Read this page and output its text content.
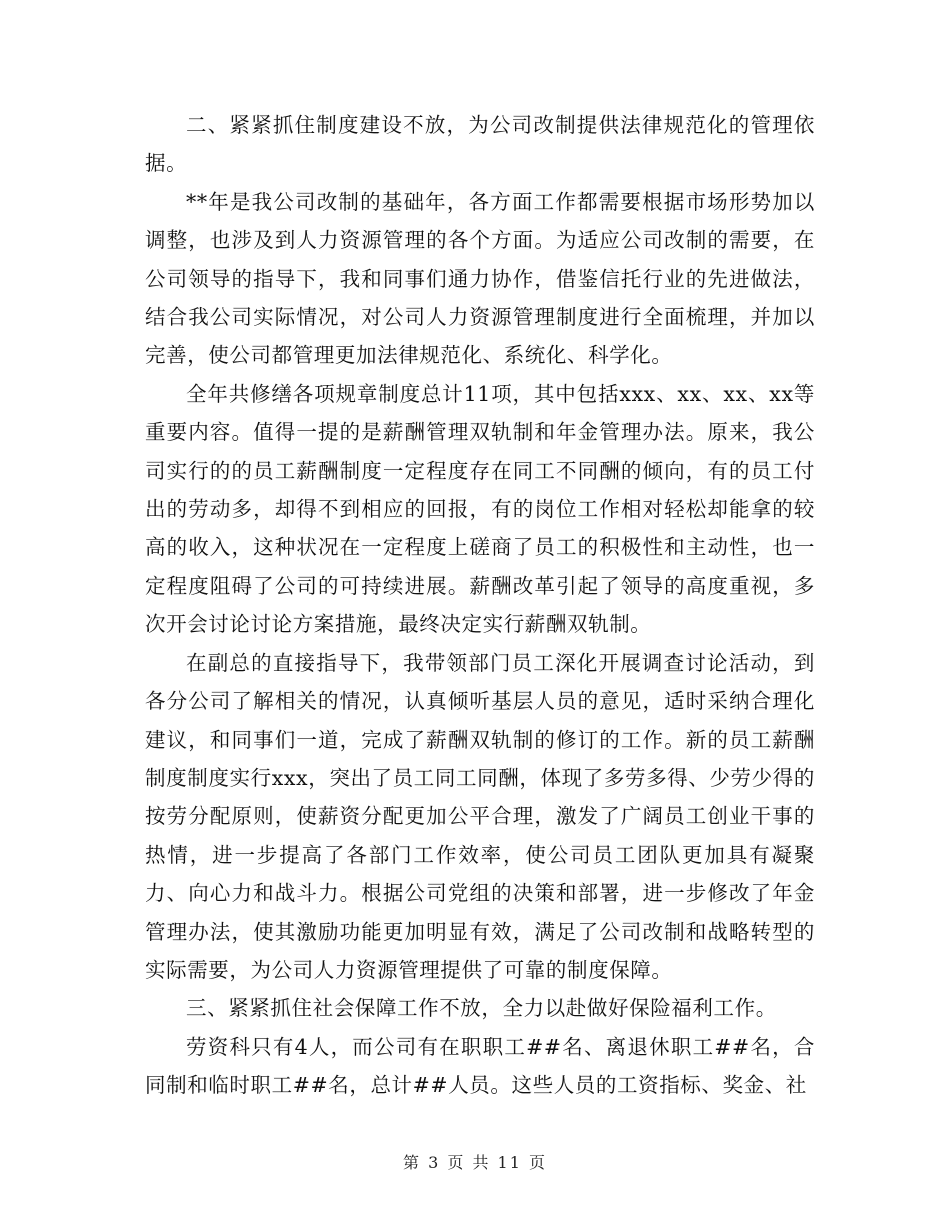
二、紧紧抓住制度建设不放，为公司改制提供法律规范化的管理依据。

**年是我公司改制的基础年，各方面工作都需要根据市场形势加以调整，也涉及到人力资源管理的各个方面。为适应公司改制的需要，在公司领导的指导下，我和同事们通力协作，借鉴信托行业的先进做法，结合我公司实际情况，对公司人力资源管理制度进行全面梳理，并加以完善，使公司都管理更加法律规范化、系统化、科学化。

全年共修缮各项规章制度总计11项，其中包括xxx、xx、xx、xx等重要内容。值得一提的是薪酬管理双轨制和年金管理办法。原来，我公司实行的的员工薪酬制度一定程度存在同工不同酬的倾向，有的员工付出的劳动多，却得不到相应的回报，有的岗位工作相对轻松却能拿的较高的收入，这种状况在一定程度上磋商了员工的积极性和主动性，也一定程度阻碍了公司的可持续进展。薪酬改革引起了领导的高度重视，多次开会讨论讨论方案措施，最终决定实行薪酬双轨制。

在副总的直接指导下，我带领部门员工深化开展调查讨论活动，到各分公司了解相关的情况，认真倾听基层人员的意见，适时采纳合理化建议，和同事们一道，完成了薪酬双轨制的修订的工作。新的员工薪酬制度制度实行xxx，突出了员工同工同酬，体现了多劳多得、少劳少得的按劳分配原则，使薪资分配更加公平合理，激发了广阔员工创业干事的热情，进一步提高了各部门工作效率，使公司员工团队更加具有凝聚力、向心力和战斗力。根据公司党组的决策和部署，进一步修改了年金管理办法，使其激励功能更加明显有效，满足了公司改制和战略转型的实际需要，为公司人力资源管理提供了可靠的制度保障。

三、紧紧抓住社会保障工作不放，全力以赴做好保险福利工作。

劳资科只有4人，而公司有在职职工##名、离退休职工##名，合同制和临时职工##名，总计##人员。这些人员的工资指标、奖金、社

第 3 页 共 11 页
